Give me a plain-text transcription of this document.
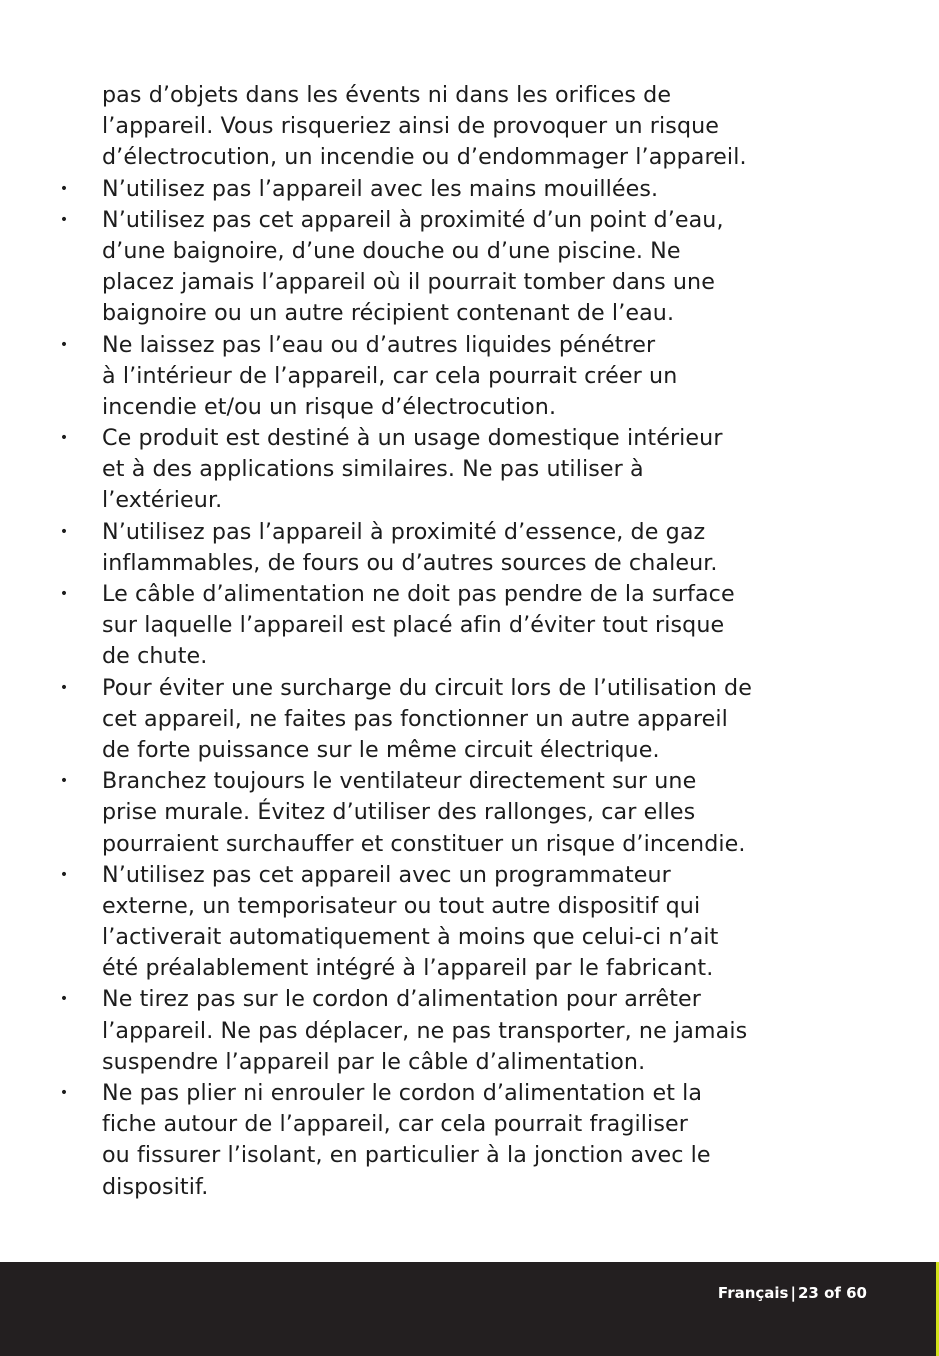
pas d’objets dans les évents ni dans les orifices de
l’appareil. Vous risqueriez ainsi de provoquer un risque
d’électrocution, un incendie ou d’endommager l’appareil.
• N’utilisez pas l’appareil avec les mains mouillées.
• N’utilisez pas cet appareil à proximité d’un point d’eau,
d’une baignoire, d’une douche ou d’une piscine. Ne
placez jamais l’appareil où il pourrait tomber dans une
baignoire ou un autre récipient contenant de l’eau.
• Ne laissez pas l’eau ou d’autres liquides pénétrer
à l’intérieur de l’appareil, car cela pourrait créer un
incendie et/ou un risque d’électrocution.
• Ce produit est destiné à un usage domestique intérieur
et à des applications similaires. Ne pas utiliser à
l’extérieur.
• N’utilisez pas l’appareil à proximité d’essence, de gaz
inflammables, de fours ou d’autres sources de chaleur.
• Le câble d’alimentation ne doit pas pendre de la surface
sur laquelle l’appareil est placé afin d’éviter tout risque
de chute.
• Pour éviter une surcharge du circuit lors de l’utilisation de
cet appareil, ne faites pas fonctionner un autre appareil
de forte puissance sur le même circuit électrique.
• Branchez toujours le ventilateur directement sur une
prise murale. Évitez d’utiliser des rallonges, car elles
pourraient surchauffer et constituer un risque d’incendie.
• N’utilisez pas cet appareil avec un programmateur
externe, un temporisateur ou tout autre dispositif qui
l’activerait automatiquement à moins que celui-ci n’ait
été préalablement intégré à l’appareil par le fabricant.
• Ne tirez pas sur le cordon d’alimentation pour arrêter
l’appareil. Ne pas déplacer, ne pas transporter, ne jamais
suspendre l’appareil par le câble d’alimentation.
• Ne pas plier ni enrouler le cordon d’alimentation et la
fiche autour de l’appareil, car cela pourrait fragiliser
ou fissurer l’isolant, en particulier à la jonction avec le
dispositif.
Français | 23 of 60
